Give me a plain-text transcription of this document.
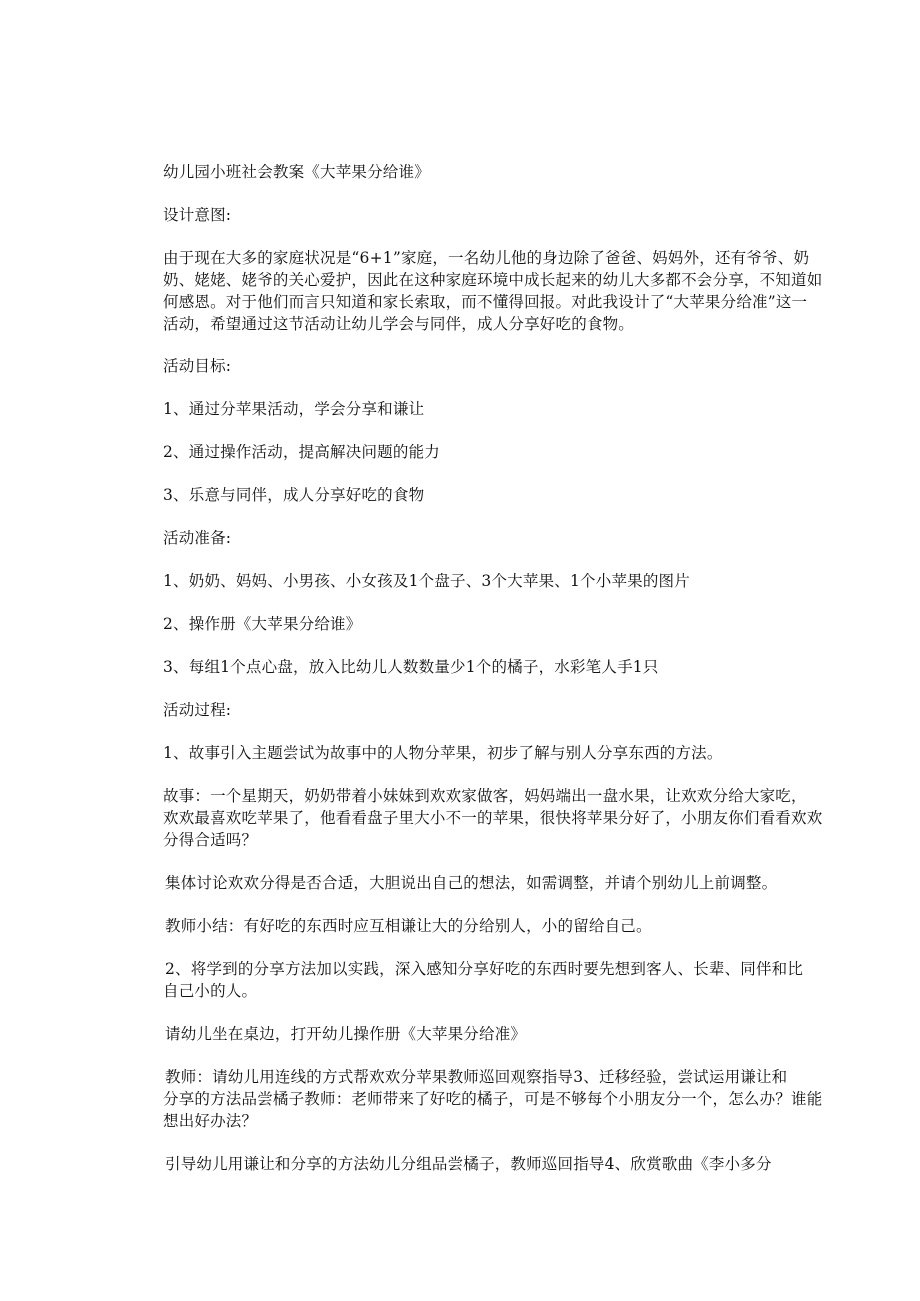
幼儿园小班社会教案《大苹果分给谁》
设计意图:
由于现在大多的家庭状况是“6+1”家庭，一名幼儿他的身边除了爸爸、妈妈外，还有爷爷、奶
奶、姥姥、姥爷的关心爱护，因此在这种家庭环境中成长起来的幼儿大多都不会分享，不知道如
何感恩。对于他们而言只知道和家长索取，而不懂得回报。对此我设计了“大苹果分给准”这一
活动，希望通过这节活动让幼儿学会与同伴，成人分享好吃的食物。
活动目标:
1、通过分苹果活动，学会分享和谦让
2、通过操作活动，提高解决问题的能力
3、乐意与同伴，成人分享好吃的食物
活动准备:
1、奶奶、妈妈、小男孩、小女孩及1个盘子、3个大苹果、1个小苹果的图片
2、操作册《大苹果分给谁》
3、每组1个点心盘，放入比幼儿人数数量少1个的橘子，水彩笔人手1只
活动过程:
1、故事引入主题尝试为故事中的人物分苹果，初步了解与别人分享东西的方法。
故事：一个星期天，奶奶带着小妹妹到欢欢家做客，妈妈端出一盘水果，让欢欢分给大家吃，
欢欢最喜欢吃苹果了，他看看盘子里大小不一的苹果，很快将苹果分好了，小朋友你们看看欢欢
分得合适吗？
集体讨论欢欢分得是否合适，大胆说出自己的想法，如需调整，并请个别幼儿上前调整。
教师小结：有好吃的东西时应互相谦让大的分给别人，小的留给自己。
2、将学到的分享方法加以实践，深入感知分享好吃的东西时要先想到客人、长辈、同伴和比
自己小的人。
请幼儿坐在桌边，打开幼儿操作册《大苹果分给准》
教师：请幼儿用连线的方式帮欢欢分苹果教师巡回观察指导3、迁移经验，尝试运用谦让和
分享的方法品尝橘子教师：老师带来了好吃的橘子，可是不够每个小朋友分一个，怎么办？谁能
想出好办法？
引导幼儿用谦让和分享的方法幼儿分组品尝橘子，教师巡回指导4、欣赏歌曲《李小多分
